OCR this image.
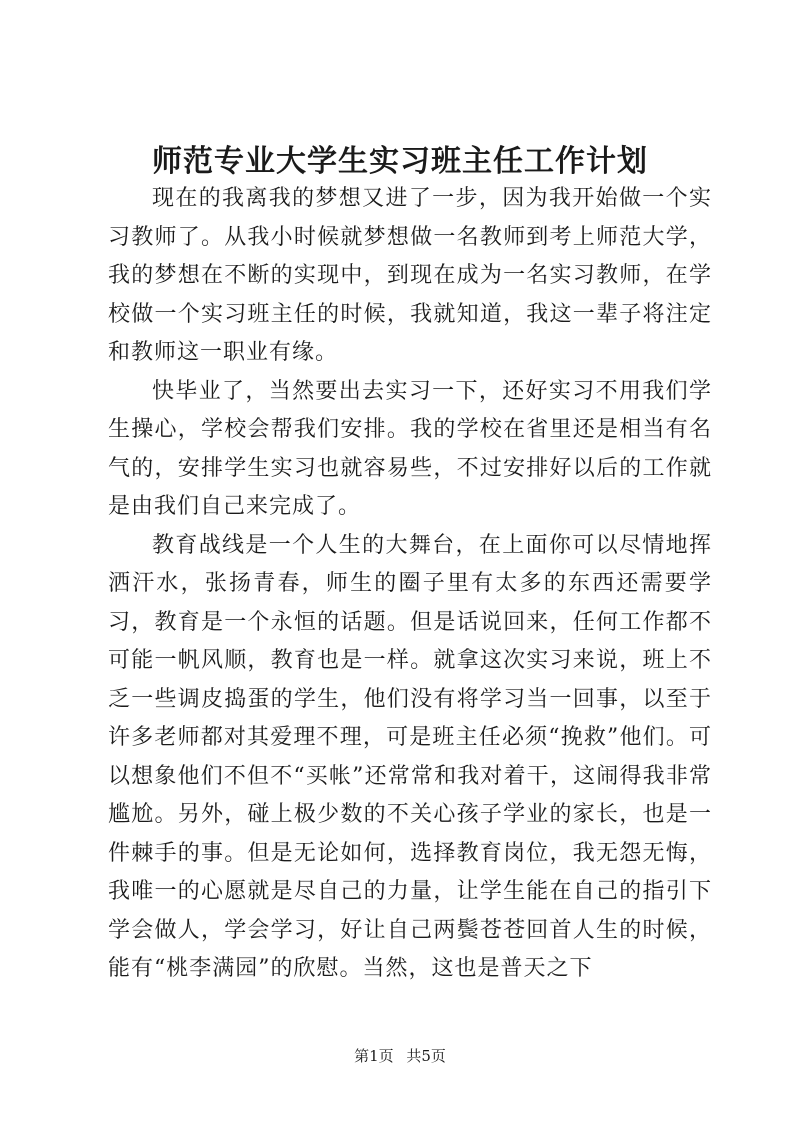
师范专业大学生实习班主任工作计划

现在的我离我的梦想又进了一步，因为我开始做一个实习教师了。从我小时候就梦想做一名教师到考上师范大学，我的梦想在不断的实现中，到现在成为一名实习教师，在学校做一个实习班主任的时候，我就知道，我这一辈子将注定和教师这一职业有缘。

快毕业了，当然要出去实习一下，还好实习不用我们学生操心，学校会帮我们安排。我的学校在省里还是相当有名气的，安排学生实习也就容易些，不过安排好以后的工作就是由我们自己来完成了。

教育战线是一个人生的大舞台，在上面你可以尽情地挥洒汗水，张扬青春，师生的圈子里有太多的东西还需要学习，教育是一个永恒的话题。但是话说回来，任何工作都不可能一帆风顺，教育也是一样。就拿这次实习来说，班上不乏一些调皮捣蛋的学生，他们没有将学习当一回事，以至于许多老师都对其爱理不理，可是班主任必须“挽救”他们。可以想象他们不但不“买帐”还常常和我对着干，这闹得我非常尴尬。另外，碰上极少数的不关心孩子学业的家长，也是一件棘手的事。但是无论如何，选择教育岗位，我无怨无悔，我唯一的心愿就是尽自己的力量，让学生能在自己的指引下学会做人，学会学习，好让自己两鬓苍苍回首人生的时候，能有“桃李满园”的欣慰。当然，这也是普天之下

第1页 共5页
